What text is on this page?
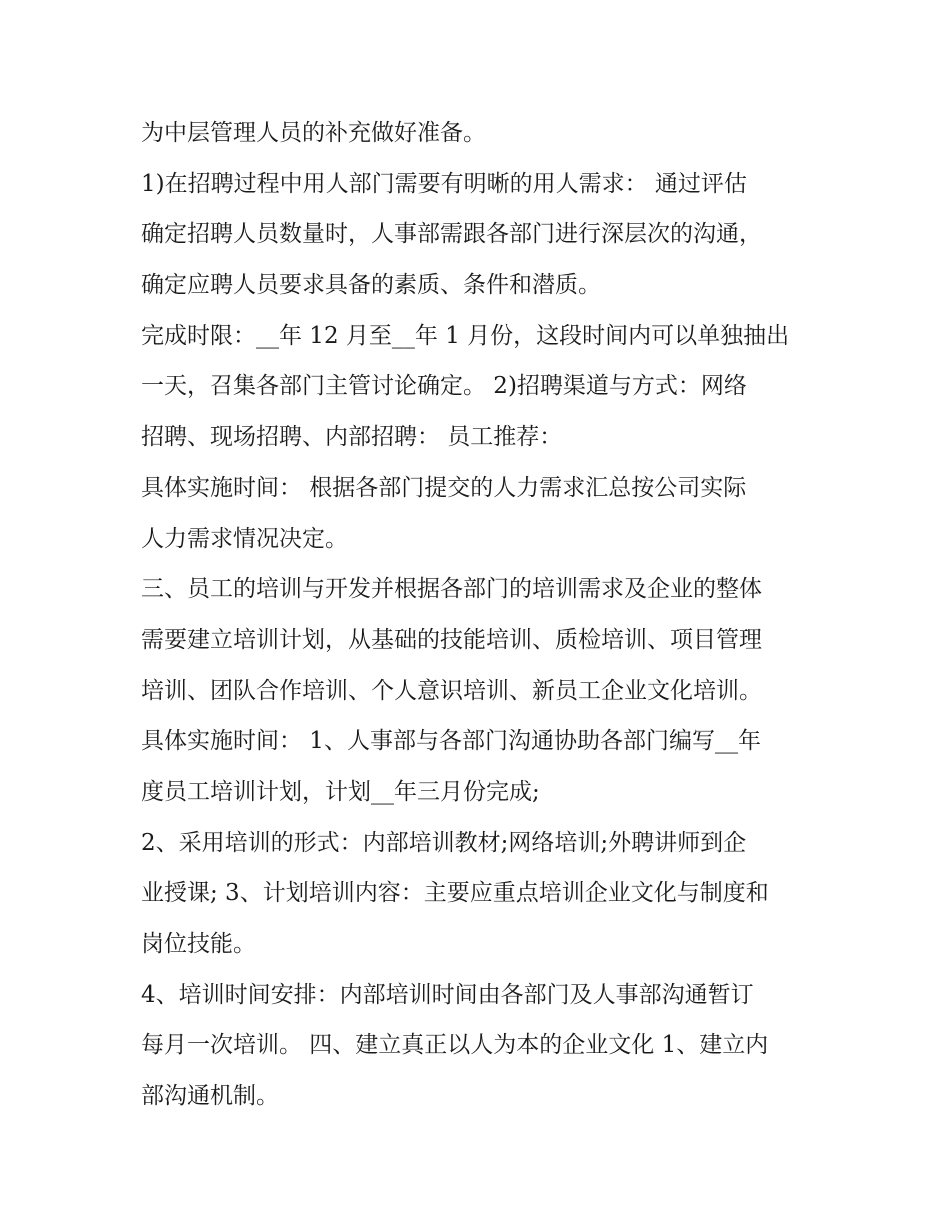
为中层管理人员的补充做好准备。
1)在招聘过程中用人部门需要有明晰的用人需求： 通过评估
确定招聘人员数量时，人事部需跟各部门进行深层次的沟通，
确定应聘人员要求具备的素质、条件和潜质。
完成时限：__年 12 月至__年 1 月份，这段时间内可以单独抽出
一天，召集各部门主管讨论确定。 2)招聘渠道与方式：网络
招聘、现场招聘、内部招聘： 员工推荐：
具体实施时间： 根据各部门提交的人力需求汇总按公司实际
人力需求情况决定。
三、员工的培训与开发并根据各部门的培训需求及企业的整体
需要建立培训计划，从基础的技能培训、质检培训、项目管理
培训、团队合作培训、个人意识培训、新员工企业文化培训。
具体实施时间： 1、人事部与各部门沟通协助各部门编写__年
度员工培训计划，计划__年三月份完成;
2、采用培训的形式：内部培训教材;网络培训;外聘讲师到企
业授课; 3、计划培训内容：主要应重点培训企业文化与制度和
岗位技能。
4、培训时间安排：内部培训时间由各部门及人事部沟通暂订
每月一次培训。 四、建立真正以人为本的企业文化 1、建立内
部沟通机制。
